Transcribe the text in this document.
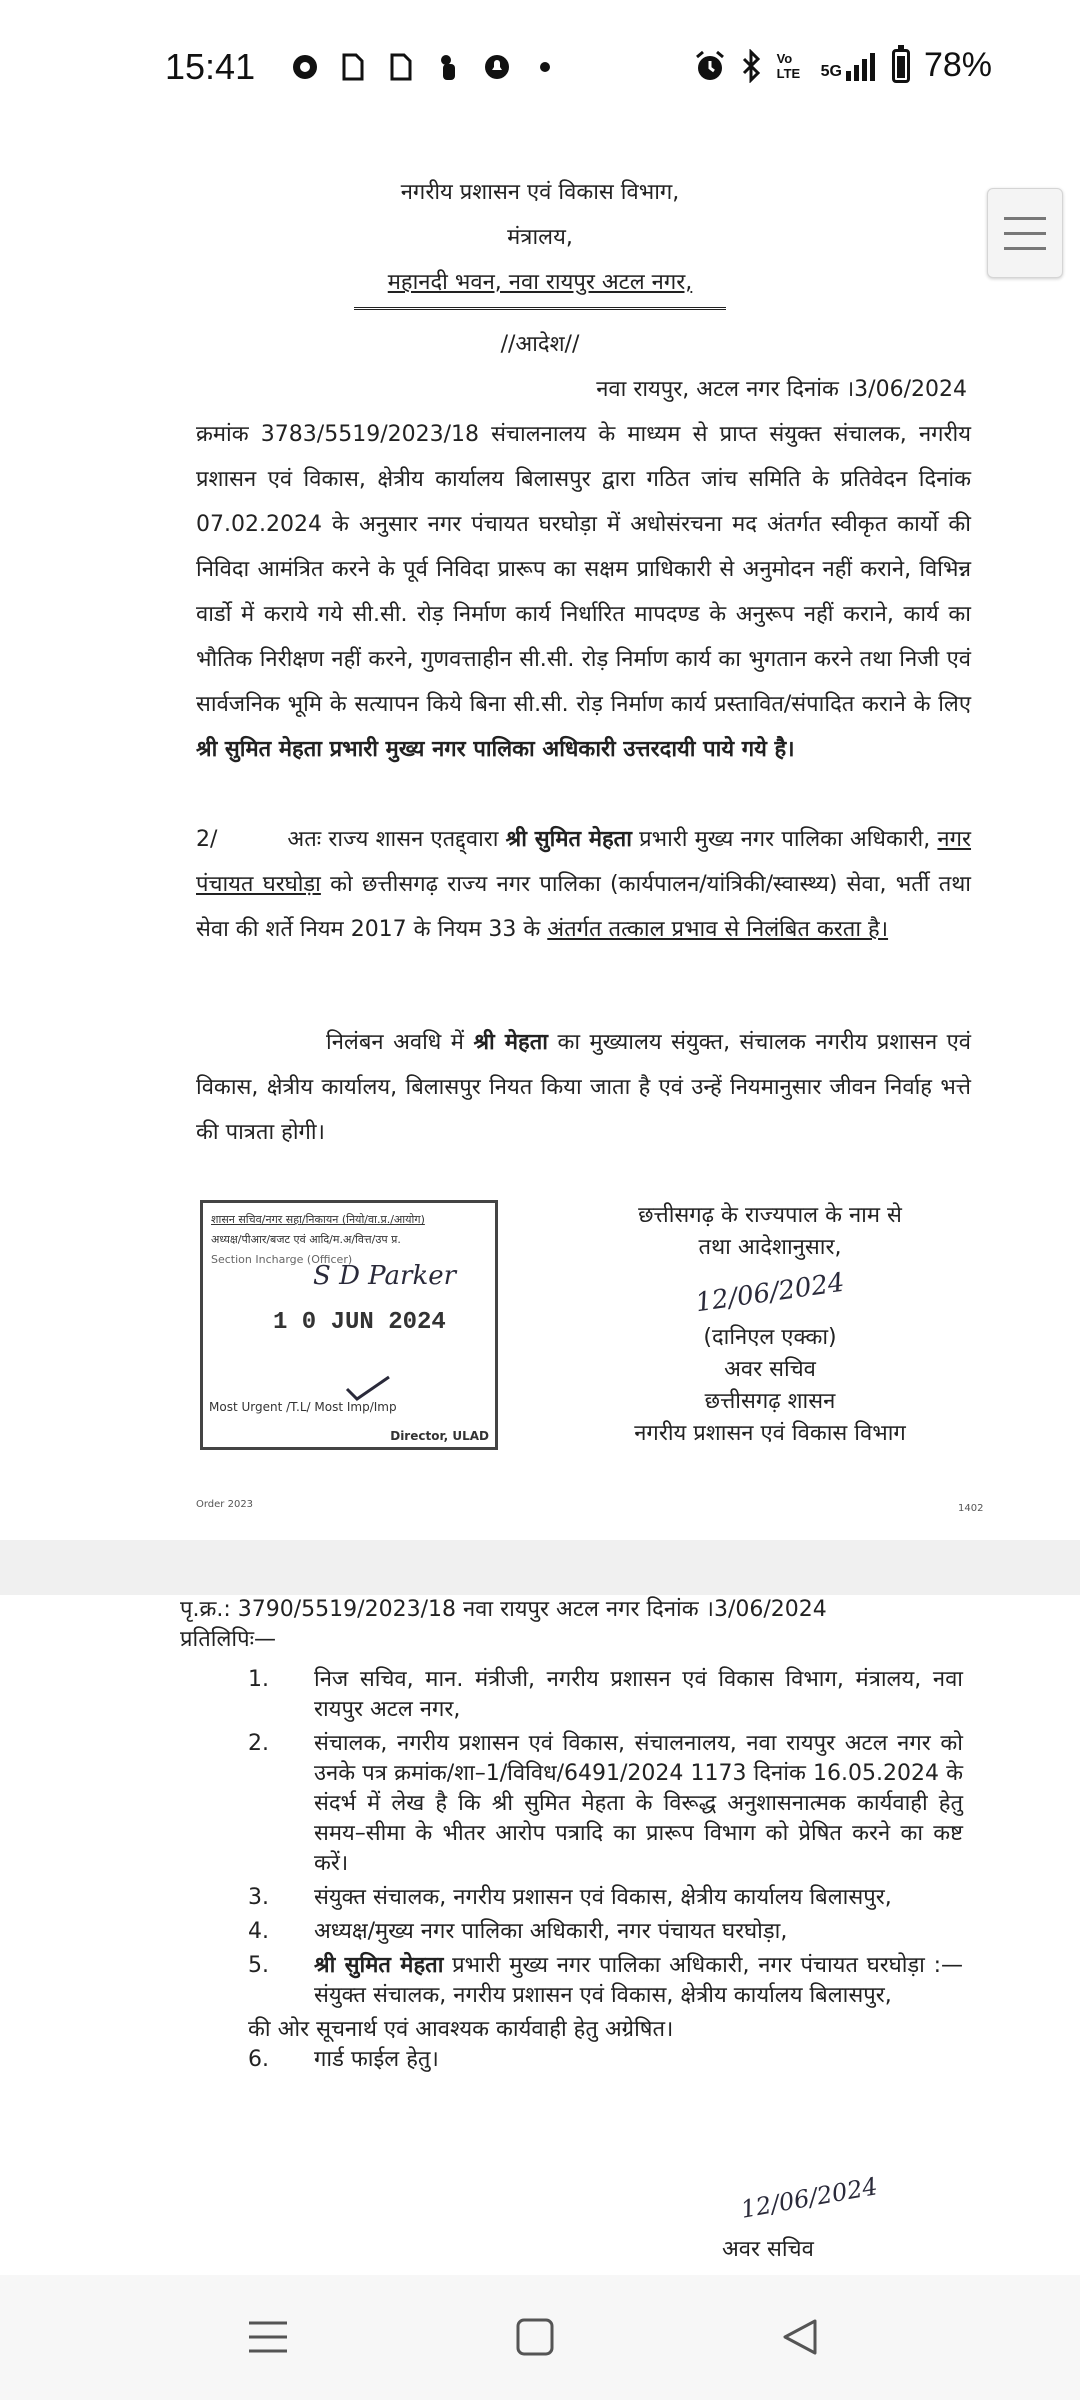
15:41	Vo LTE	5G 78%
नगरीय प्रशासन एवं विकास विभाग,
मंत्रालय,
महानदी भवन, नवा रायपुर अटल नगर,
//आदेश//
नवा रायपुर, अटल नगर दिनांक ।3/06/2024
क्रमांक 3783/5519/2023/18 संचालनालय के माध्यम से प्राप्त संयुक्त संचालक, नगरीय प्रशासन एवं विकास, क्षेत्रीय कार्यालय बिलासपुर द्वारा गठित जांच समिति के प्रतिवेदन दिनांक 07.02.2024 के अनुसार नगर पंचायत घरघोड़ा में अधोसंरचना मद अंतर्गत स्वीकृत कार्यो की निविदा आमंत्रित करने के पूर्व निविदा प्रारूप का सक्षम प्राधिकारी से अनुमोदन नहीं कराने, विभिन्न वार्डो में कराये गये सी.सी. रोड़ निर्माण कार्य निर्धारित मापदण्ड के अनुरूप नहीं कराने, कार्य का भौतिक निरीक्षण नहीं करने, गुणवत्ताहीन सी.सी. रोड़ निर्माण कार्य का भुगतान करने तथा निजी एवं सार्वजनिक भूमि के सत्यापन किये बिना सी.सी. रोड़ निर्माण कार्य प्रस्तावित/संपादित कराने के लिए श्री सुमित मेहता प्रभारी मुख्य नगर पालिका अधिकारी उत्तरदायी पाये गये है।
2/	अतः राज्य शासन एतद्द्वारा श्री सुमित मेहता प्रभारी मुख्य नगर पालिका अधिकारी, नगर पंचायत घरघोड़ा को छत्तीसगढ़ राज्य नगर पालिका (कार्यपालन/यांत्रिकी/स्वास्थ्य) सेवा, भर्ती तथा सेवा की शर्ते नियम 2017 के नियम 33 के अंतर्गत तत्काल प्रभाव से निलंबित करता है।
निलंबन अवधि में श्री मेहता का मुख्यालय संयुक्त, संचालक नगरीय प्रशासन एवं विकास, क्षेत्रीय कार्यालय, बिलासपुर नियत किया जाता है एवं उन्हें नियमानुसार जीवन निर्वाह भत्ते की पात्रता होगी।
शासन सचिव/नगर सहा/निकायन (नियो/वा.प्र./आयोग)
अध्यक्ष/पीआर/बजट एवं आदि/म.अ/वित्त/उप प्र.
Section Incharge (Officer)
S D Parker
1 0 JUN 2024
Most Urgent /T.L/ Most Imp/Imp
Director, ULAD
छत्तीसगढ़ के राज्यपाल के नाम से
तथा आदेशानुसार,
12/06/2024
(दानिएल एक्का)
अवर सचिव
छत्तीसगढ़ शासन
नगरीय प्रशासन एवं विकास विभाग
Order 2023	1402
पृ.क्र.: 3790/5519/2023/18 नवा रायपुर अटल नगर दिनांक ।3/06/2024
प्रतिलिपिः—
1.	निज सचिव, मान. मंत्रीजी, नगरीय प्रशासन एवं विकास विभाग, मंत्रालय, नवा रायपुर अटल नगर,
2.	संचालक, नगरीय प्रशासन एवं विकास, संचालनालय, नवा रायपुर अटल नगर को उनके पत्र क्रमांक/शा–1/विविध/6491/2024 1173 दिनांक 16.05.2024 के संदर्भ में लेख है कि श्री सुमित मेहता के विरूद्ध अनुशासनात्मक कार्यवाही हेतु समय–सीमा के भीतर आरोप पत्रादि का प्रारूप विभाग को प्रेषित करने का कष्ट करें।
3.	संयुक्त संचालक, नगरीय प्रशासन एवं विकास, क्षेत्रीय कार्यालय बिलासपुर,
4.	अध्यक्ष/मुख्य नगर पालिका अधिकारी, नगर पंचायत घरघोड़ा,
5.	श्री सुमित मेहता प्रभारी मुख्य नगर पालिका अधिकारी, नगर पंचायत घरघोड़ा :— संयुक्त संचालक, नगरीय प्रशासन एवं विकास, क्षेत्रीय कार्यालय बिलासपुर,
की ओर सूचनार्थ एवं आवश्यक कार्यवाही हेतु अग्रेषित।
6.	गार्ड फाईल हेतु।
12/06/2024
अवर सचिव
